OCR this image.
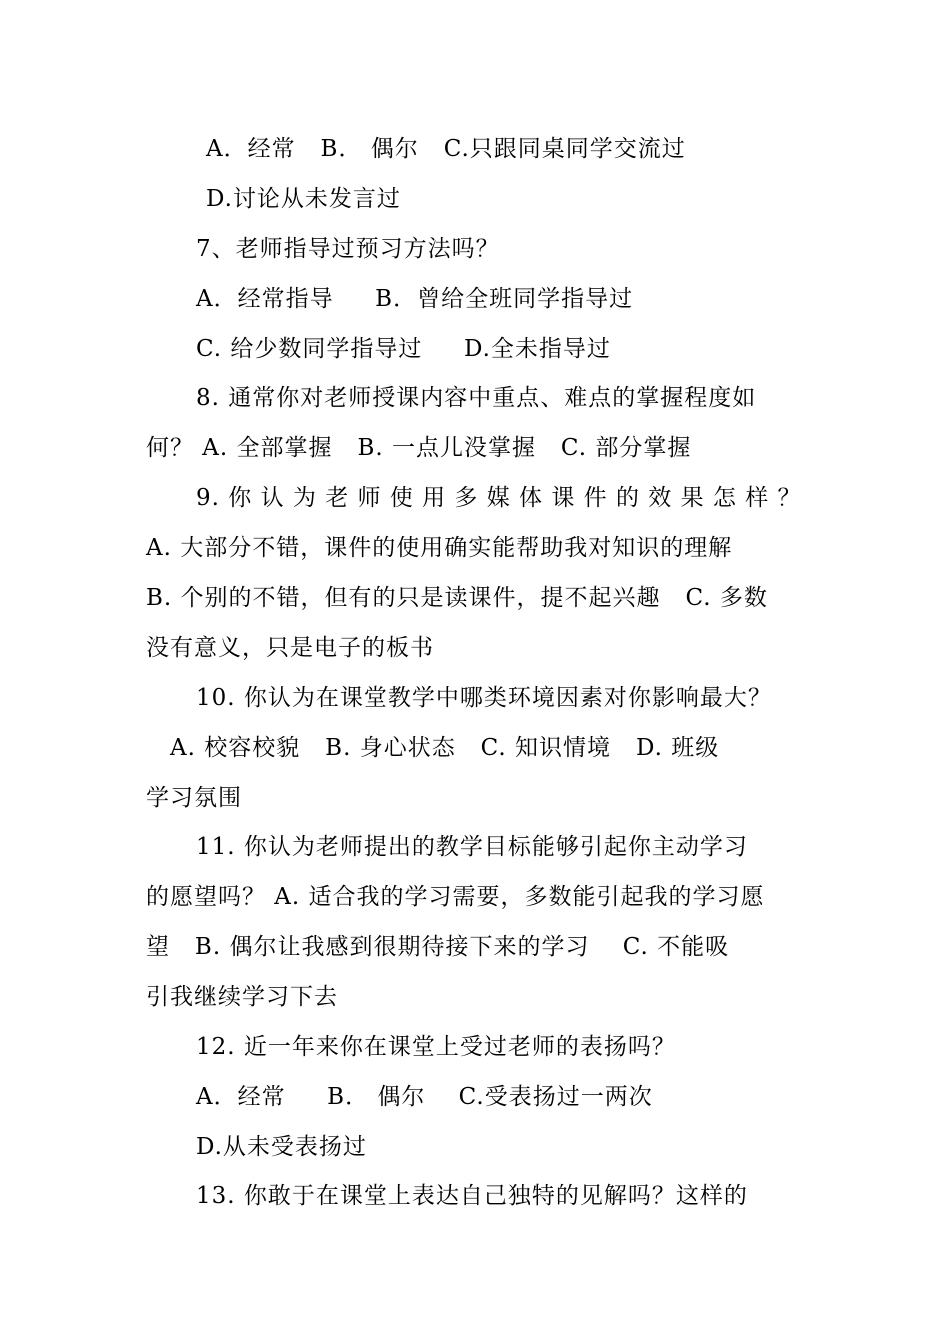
A．经常   B． 偶尔   C.只跟同桌同学交流过
D.讨论从未发言过
7、老师指导过预习方法吗？
A．经常指导     B．曾给全班同学指导过
C. 给少数同学指导过     D.全未指导过
8. 通常你对老师授课内容中重点、难点的掌握程度如
何？ A. 全部掌握   B. 一点儿没掌握   C. 部分掌握
9. 你 认 为 老 师 使 用 多 媒 体 课 件 的 效 果 怎 样 ？
A. 大部分不错，课件的使用确实能帮助我对知识的理解
B. 个别的不错，但有的只是读课件，提不起兴趣   C. 多数
没有意义，只是电子的板书
10. 你认为在课堂教学中哪类环境因素对你影响最大？
A. 校容校貌   B. 身心状态   C. 知识情境   D. 班级
学习氛围
11. 你认为老师提出的教学目标能够引起你主动学习
的愿望吗？ A. 适合我的学习需要，多数能引起我的学习愿
望   B. 偶尔让我感到很期待接下来的学习    C. 不能吸
引我继续学习下去
12. 近一年来你在课堂上受过老师的表扬吗？
A．经常     B． 偶尔    C.受表扬过一两次
D.从未受表扬过
13. 你敢于在课堂上表达自己独特的见解吗？这样的
